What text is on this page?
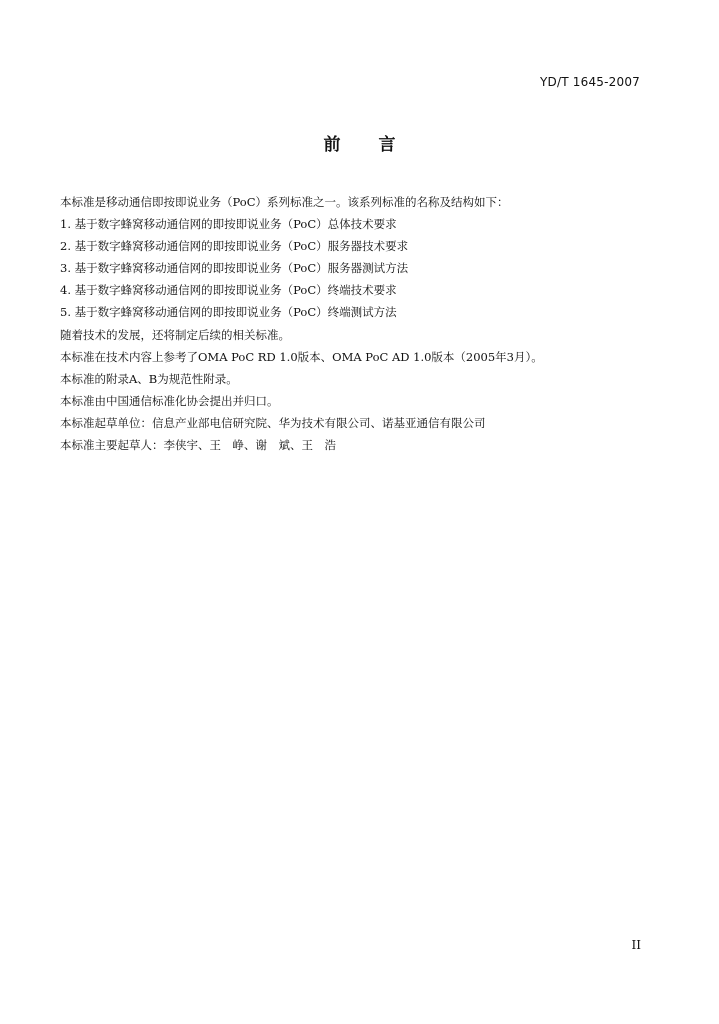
YD/T 1645-2007
前 言
本标准是移动通信即按即说业务（PoC）系列标准之一。该系列标准的名称及结构如下：
1. 基于数字蜂窝移动通信网的即按即说业务（PoC）总体技术要求
2. 基于数字蜂窝移动通信网的即按即说业务（PoC）服务器技术要求
3. 基于数字蜂窝移动通信网的即按即说业务（PoC）服务器测试方法
4. 基于数字蜂窝移动通信网的即按即说业务（PoC）终端技术要求
5. 基于数字蜂窝移动通信网的即按即说业务（PoC）终端测试方法
随着技术的发展，还将制定后续的相关标准。
本标准在技术内容上参考了OMA PoC RD 1.0版本、OMA PoC AD 1.0版本（2005年3月）。
本标准的附录A、B为规范性附录。
本标准由中国通信标准化协会提出并归口。
本标准起草单位：信息产业部电信研究院、华为技术有限公司、诺基亚通信有限公司
本标准主要起草人：李侠宇、王　峥、谢　斌、王　浩
II
